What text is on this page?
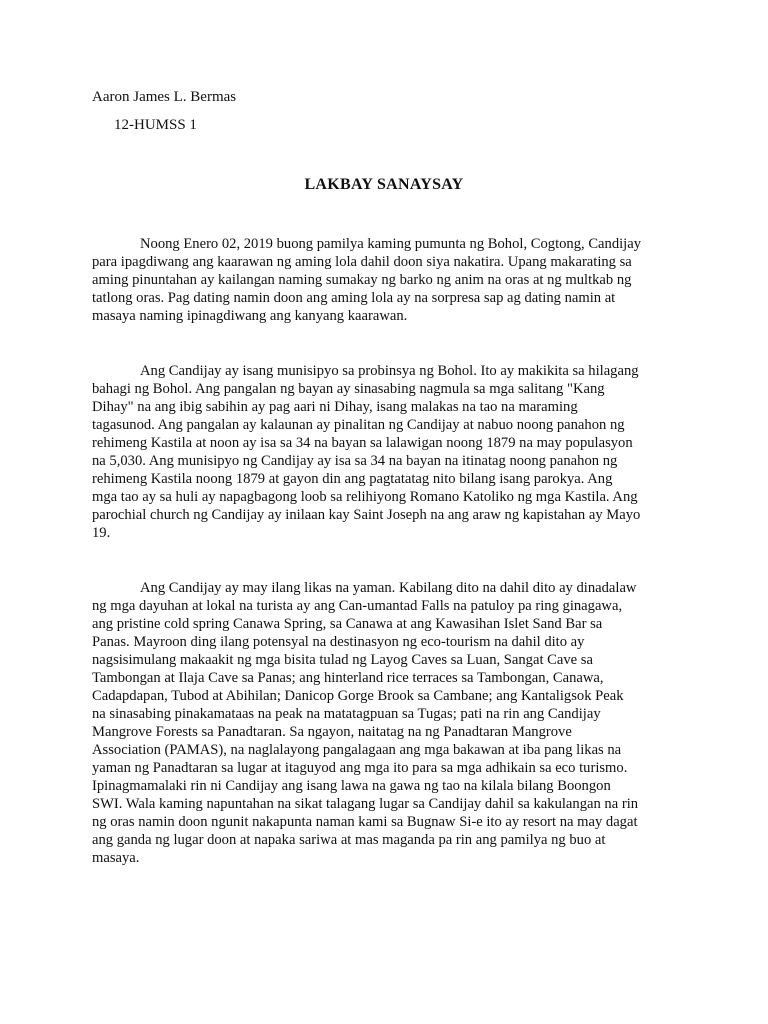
Aaron James L. Bermas
12-HUMSS 1
LAKBAY SANAYSAY
Noong Enero 02, 2019 buong pamilya kaming pumunta ng Bohol, Cogtong, Candijay
para ipagdiwang ang kaarawan ng aming lola dahil doon siya nakatira. Upang makarating sa
aming pinuntahan ay kailangan naming sumakay ng barko ng anim na oras at ng multkab ng
tatlong oras. Pag dating namin doon ang aming lola ay na sorpresa sap ag dating namin at
masaya naming ipinagdiwang ang kanyang kaarawan.
Ang Candijay ay isang munisipyo sa probinsya ng Bohol. Ito ay makikita sa hilagang
bahagi ng Bohol. Ang pangalan ng bayan ay sinasabing nagmula sa mga salitang "Kang
Dihay" na ang ibig sabihin ay pag aari ni Dihay, isang malakas na tao na maraming
tagasunod. Ang pangalan ay kalaunan ay pinalitan ng Candijay at nabuo noong panahon ng
rehimeng Kastila at noon ay isa sa 34 na bayan sa lalawigan noong 1879 na may populasyon
na 5,030. Ang munisipyo ng Candijay ay isa sa 34 na bayan na itinatag noong panahon ng
rehimeng Kastila noong 1879 at gayon din ang pagtatatag nito bilang isang parokya. Ang
mga tao ay sa huli ay napagbagong loob sa relihiyong Romano Katoliko ng mga Kastila. Ang
parochial church ng Candijay ay inilaan kay Saint Joseph na ang araw ng kapistahan ay Mayo
19.
Ang Candijay ay may ilang likas na yaman. Kabilang dito na dahil dito ay dinadalaw
ng mga dayuhan at lokal na turista ay ang Can-umantad Falls na patuloy pa ring ginagawa,
ang pristine cold spring Canawa Spring, sa Canawa at ang Kawasihan Islet Sand Bar sa
Panas. Mayroon ding ilang potensyal na destinasyon ng eco-tourism na dahil dito ay
nagsisimulang makaakit ng mga bisita tulad ng Layog Caves sa Luan, Sangat Cave sa
Tambongan at Ilaja Cave sa Panas; ang hinterland rice terraces sa Tambongan, Canawa,
Cadapdapan, Tubod at Abihilan; Danicop Gorge Brook sa Cambane; ang Kantaligsok Peak
na sinasabing pinakamataas na peak na matatagpuan sa Tugas; pati na rin ang Candijay
Mangrove Forests sa Panadtaran. Sa ngayon, naitatag na ng Panadtaran Mangrove
Association (PAMAS), na naglalayong pangalagaan ang mga bakawan at iba pang likas na
yaman ng Panadtaran sa lugar at itaguyod ang mga ito para sa mga adhikain sa eco turismo.
Ipinagmamalaki rin ni Candijay ang isang lawa na gawa ng tao na kilala bilang Boongon
SWI. Wala kaming napuntahan na sikat talagang lugar sa Candijay dahil sa kakulangan na rin
ng oras namin doon ngunit nakapunta naman kami sa Bugnaw Si-e ito ay resort na may dagat
ang ganda ng lugar doon at napaka sariwa at mas maganda pa rin ang pamilya ng buo at
masaya.
